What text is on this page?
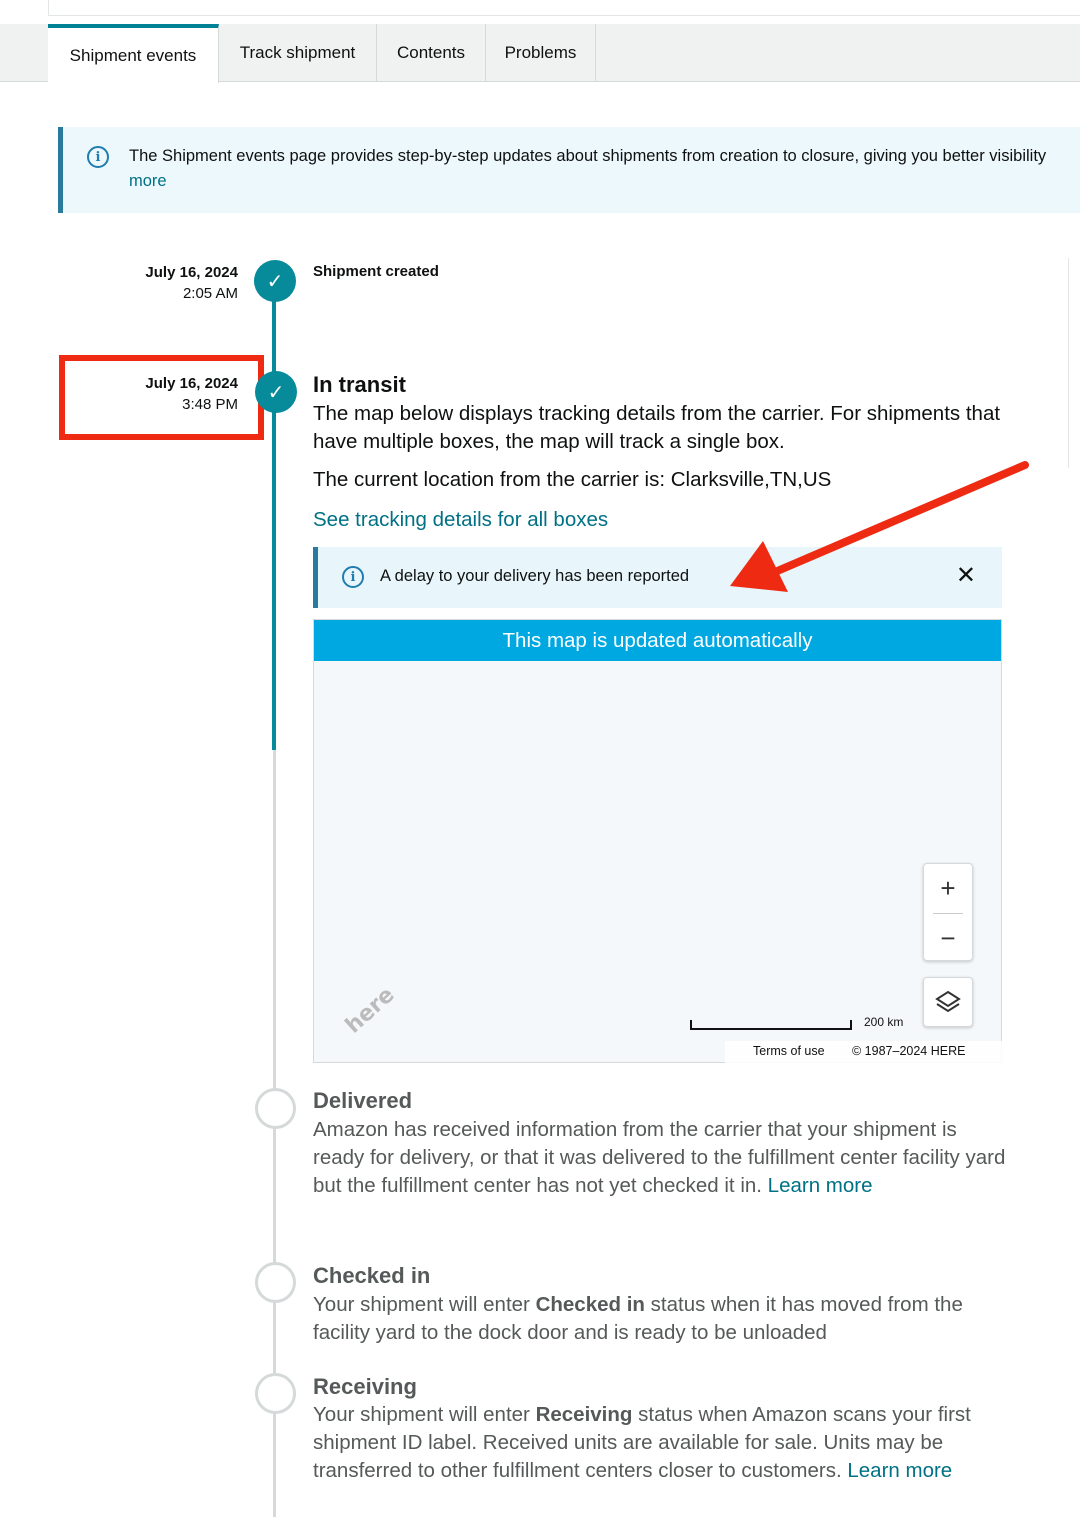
Shipment events	Track shipment Contents Problems
i	The Shipment events page provides step-by-step updates about shipments from creation to closure, giving you better visibility
more
July 16, 2024
2:05 AM
✓	Shipment created
July 16, 2024
3:48 PM
✓	In transit
The map below displays tracking details from the carrier. For shipments that have multiple boxes, the map will track a single box.
The current location from the carrier is: Clarksville,TN,US
See tracking details for all boxes
i	A delay to your delivery has been reported	✕
This map is updated automatically
+
−
here	200 km
Terms of use © 1987–2024 HERE
Delivered
Amazon has received information from the carrier that your shipment is ready for delivery, or that it was delivered to the fulfillment center facility yard but the fulfillment center has not yet checked it in. Learn more
Checked in
Your shipment will enter Checked in status when it has moved from the facility yard to the dock door and is ready to be unloaded
Receiving
Your shipment will enter Receiving status when Amazon scans your first shipment ID label. Received units are available for sale. Units may be transferred to other fulfillment centers closer to customers. Learn more
